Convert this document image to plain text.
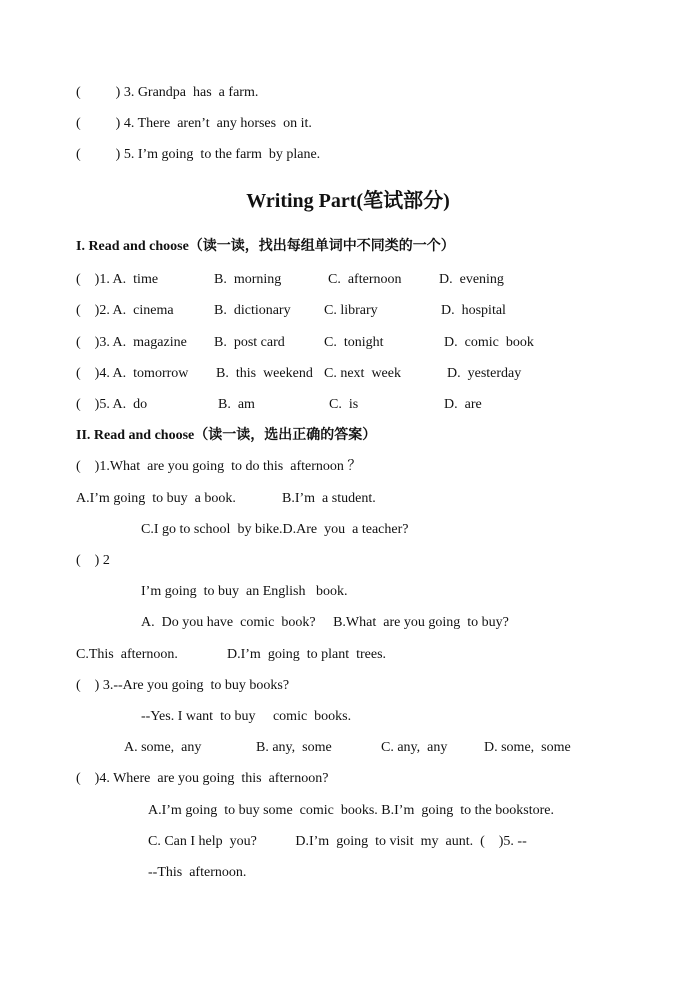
(          ) 3. Grandpa  has  a farm.
(          ) 4. There  aren’t  any horses  on it.
(          ) 5. I’m going  to the farm  by plane.
Writing Part(笔试部分)
I. Read and choose（读一读，找出每组单词中不同类的一个）
(    )1. A.  time	B.  morning	C.  afternoon	D.  evening
(    )2. A.  cinema	B.  dictionary C. library	D.  hospital
(    )3. A.  magazine B.  post card	C.  tonight	D.  comic  book
(    )4. A.  tomorrow B.  this  weekend C. next  week	D.  yesterday
(    )5. A.  do	B.  am	C.  is	D.  are
II. Read and choose（读一读，选出正确的答案）
(    )1.What  are you going  to do this  afternoon ？
A.I’m going  to buy  a book.	B.I’m  a student.
C.I go to school  by bike.D.Are  you  a teacher?
(    ) 2
I’m going  to buy  an English   book.
A.  Do you have  comic  book?     B.What  are you going  to buy?
C.This  afternoon.	D.I’m  going  to plant  trees.
(    ) 3.--Are you going  to buy books?
--Yes. I want  to buy     comic  books.
A. some,  any	B. any,  some	C. any,  any	D. some,  some
(    )4. Where  are you going  this  afternoon?
A.I’m going  to buy some  comic  books. B.I’m  going  to the bookstore.
C. Can I help  you?           D.I’m  going  to visit  my  aunt.  (    )5. --
--This  afternoon.
